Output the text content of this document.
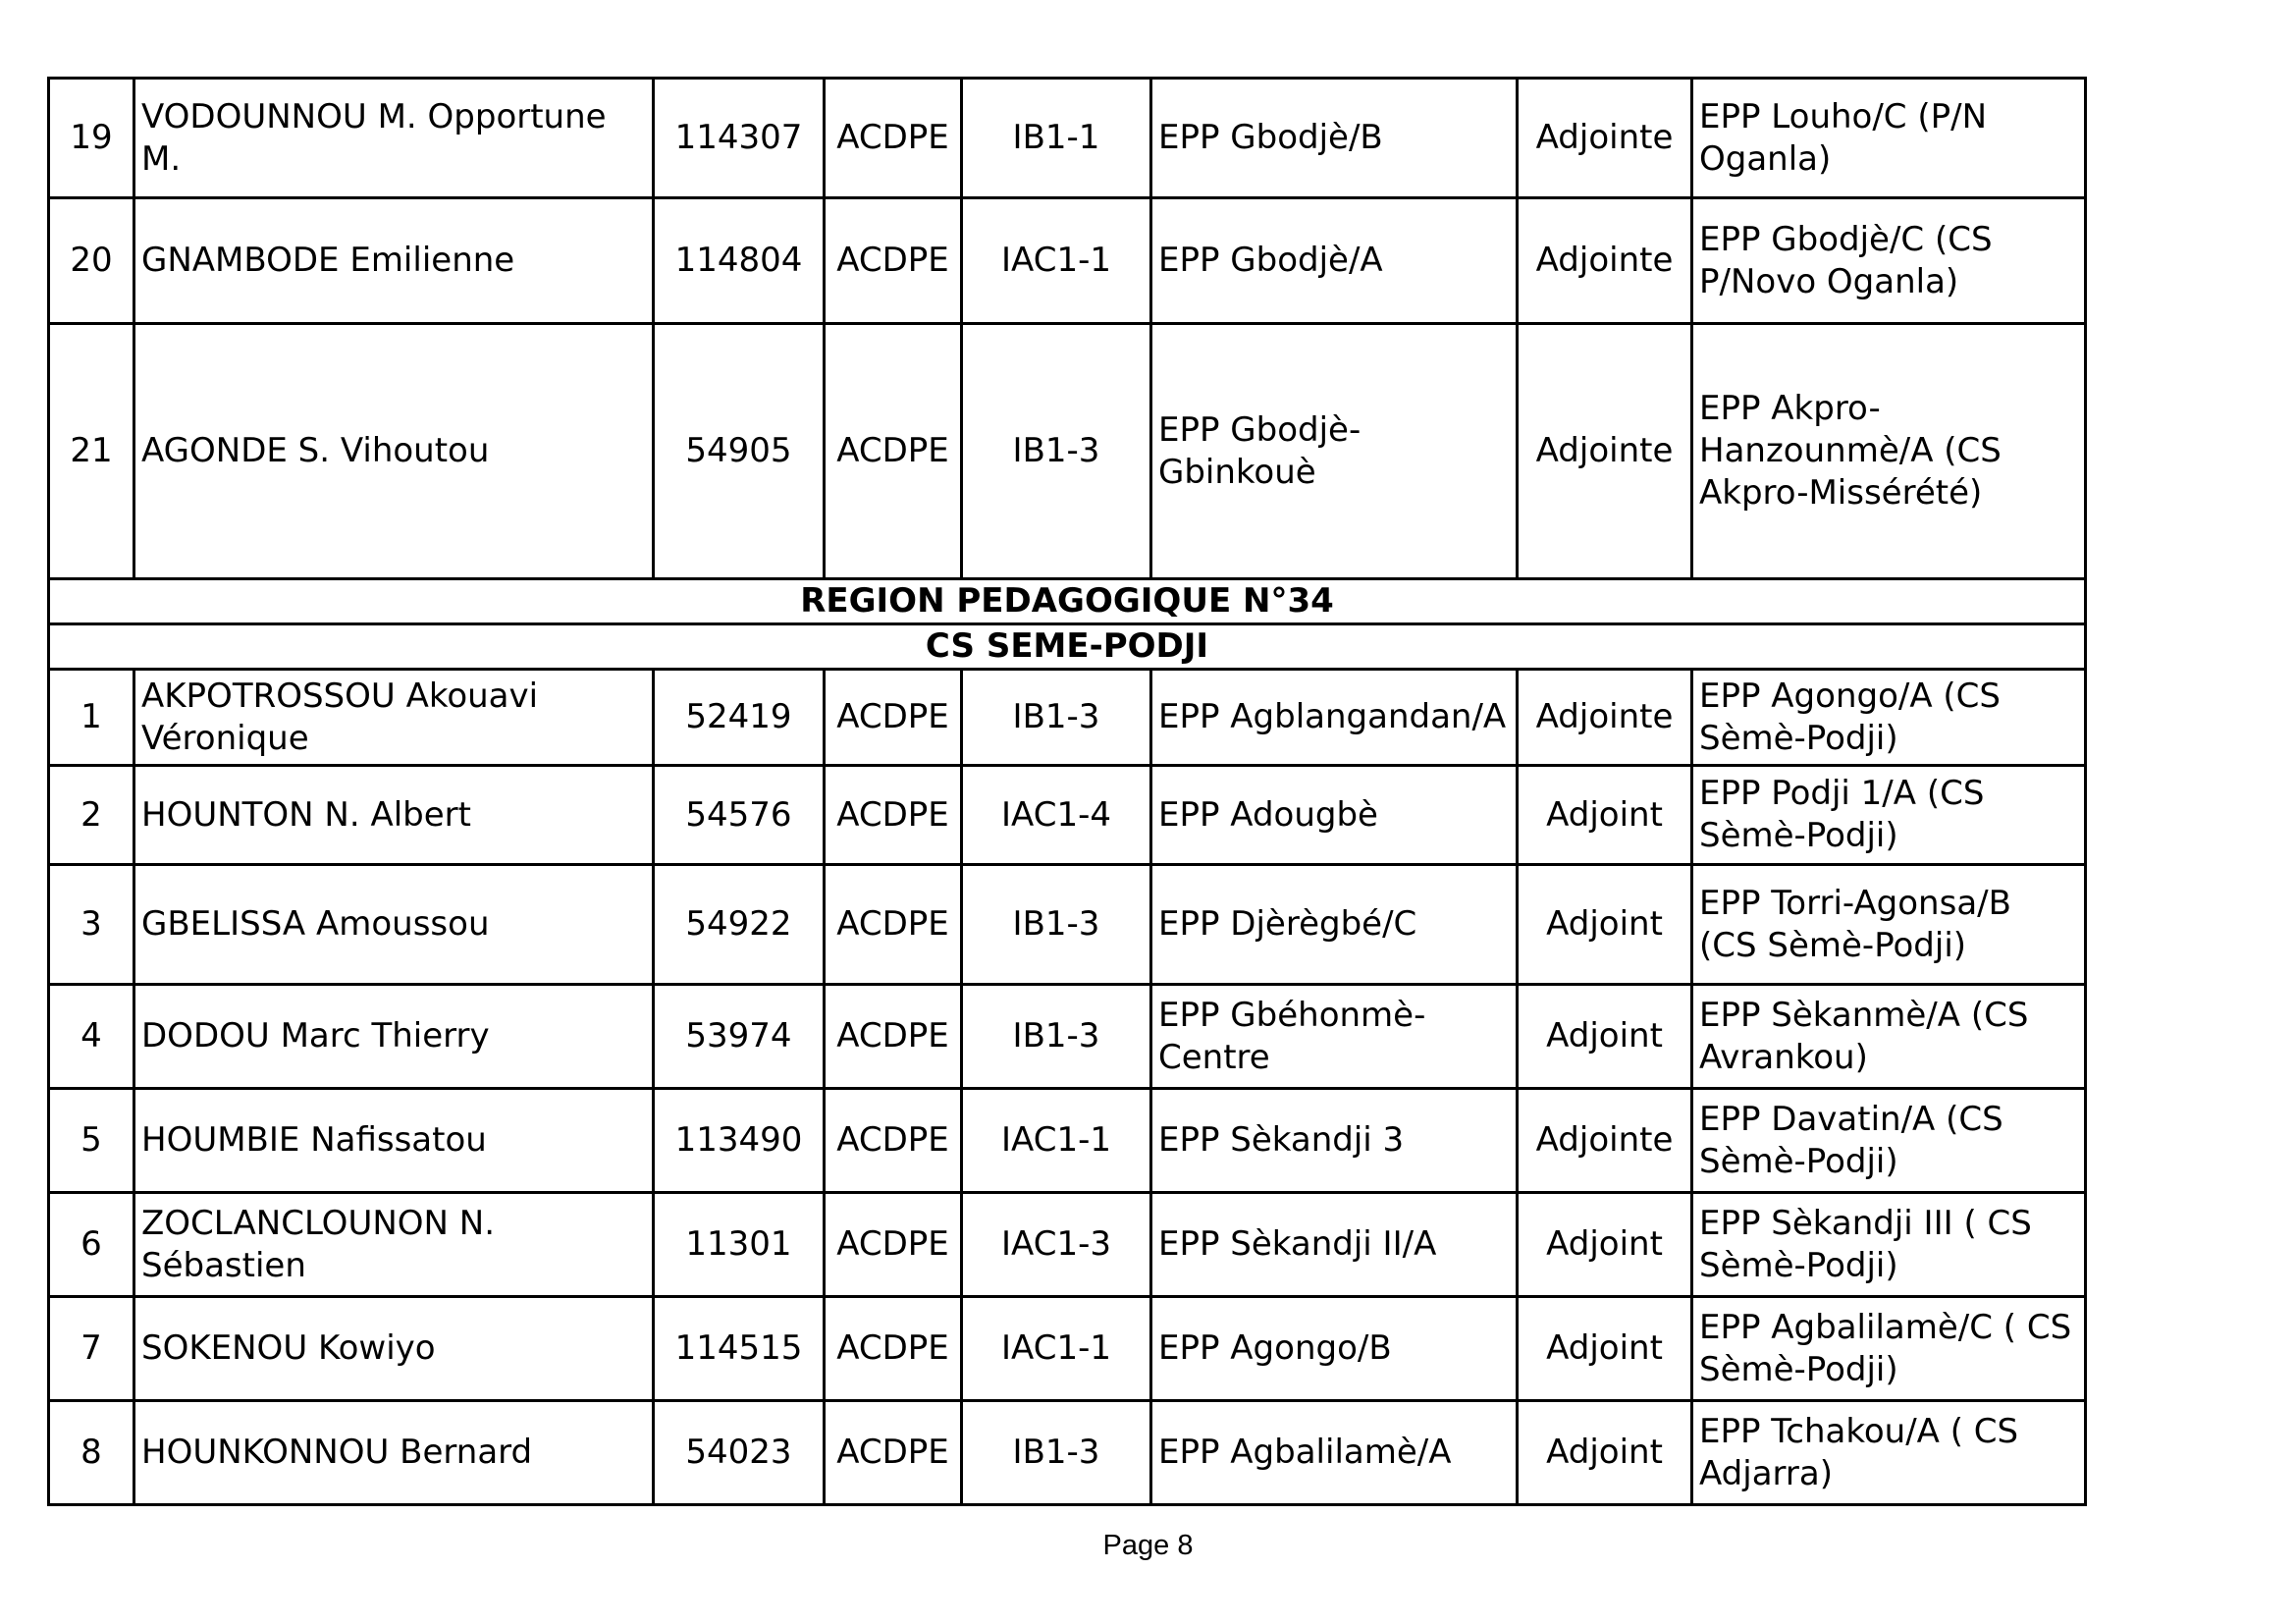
19	VODOUNNOU M. Opportune M.	114307	ACDPE	IB1-1	EPP Gbodjè/B	Adjointe	EPP Louho/C (P/N Oganla)
20	GNAMBODE Emilienne	114804	ACDPE	IAC1-1	EPP Gbodjè/A	Adjointe	EPP Gbodjè/C (CS P/Novo Oganla)
21	AGONDE S. Vihoutou	54905	ACDPE	IB1-3	EPP Gbodjè-Gbinkouè	Adjointe	EPP Akpro-Hanzounmè/A (CS Akpro-Missérété)
REGION PEDAGOGIQUE N°34							
CS SEME-PODJI							
1	AKPOTROSSOU Akouavi Véronique	52419	ACDPE	IB1-3	EPP Agblangandan/A	Adjointe	EPP Agongo/A (CS Sèmè-Podji)
2	HOUNTON N. Albert	54576	ACDPE	IAC1-4	EPP Adougbè	Adjoint	EPP Podji 1/A (CS Sèmè-Podji)
3	GBELISSA Amoussou	54922	ACDPE	IB1-3	EPP Djèrègbé/C	Adjoint	EPP Torri-Agonsa/B (CS Sèmè-Podji)
4	DODOU Marc Thierry	53974	ACDPE	IB1-3	EPP Gbéhonmè-Centre	Adjoint	EPP Sèkanmè/A (CS Avrankou)
5	HOUMBIE Nafissatou	113490	ACDPE	IAC1-1	EPP Sèkandji 3	Adjointe	EPP Davatin/A (CS Sèmè-Podji)
6	ZOCLANCLOUNON N. Sébastien	11301	ACDPE	IAC1-3	EPP Sèkandji II/A	Adjoint	EPP Sèkandji III ( CS Sèmè-Podji)
7	SOKENOU Kowiyo	114515	ACDPE	IAC1-1	EPP Agongo/B	Adjoint	EPP Agbalilamè/C ( CS Sèmè-Podji)
8	HOUNKONNOU Bernard	54023	ACDPE	IB1-3	EPP Agbalilamè/A	Adjoint	EPP Tchakou/A ( CS Adjarra)
Page 8
